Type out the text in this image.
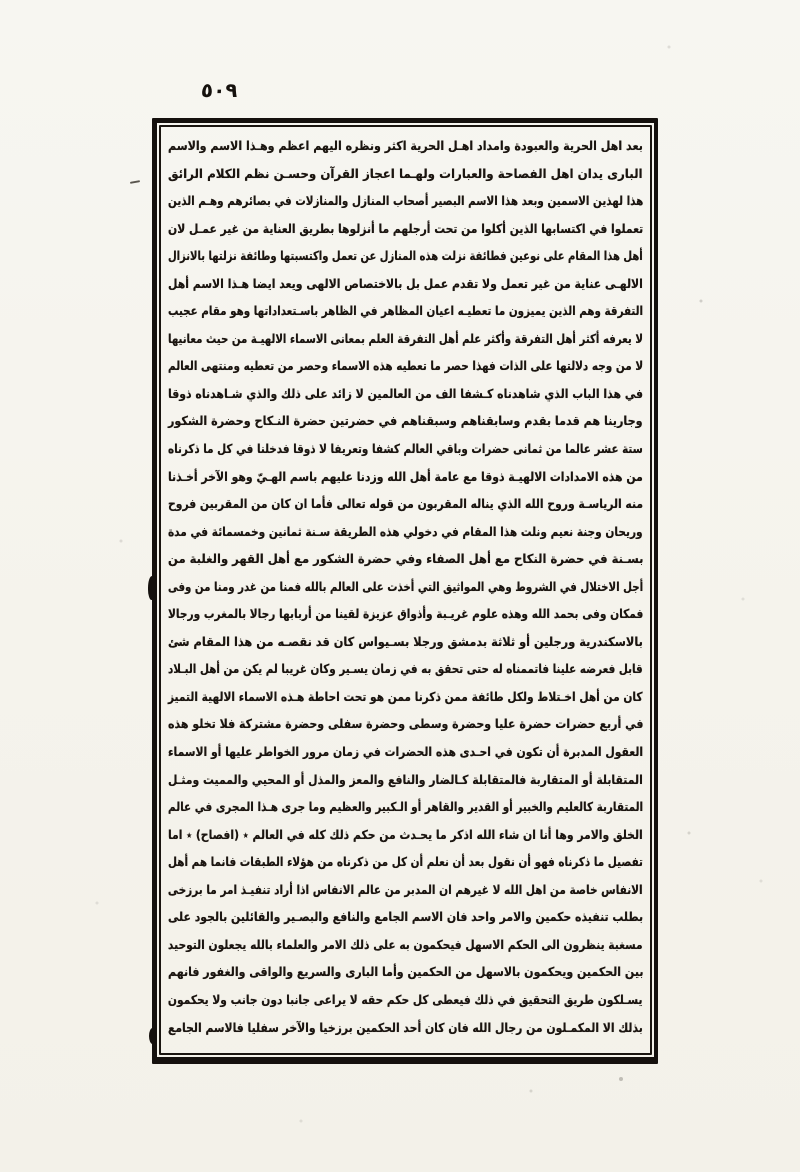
٥٠٩
بعد اهل الحرية والعبودة وامداد اهـل الحرية اكثر ونظره اليهم اعظم وهـذا الاسم والاسم
البارى يدان اهل الفصاحة والعبارات ولهـما اعجاز القرآن وحسـن نظم الكلام الرائق
هذا لهذين الاسمين وبعد هذا الاسم البصير أصحاب المنازل والمنازلات في بصائرهم وهـم الذين
تعملوا في اكتسابها الذين أكلوا من تحت أرجلهم ما أنزلوها بطريق العناية من غير عمـل لان
أهل هذا المقام على نوعين فطائفة نزلت هذه المنازل عن تعمل واكتسبتها وطائفة نزلتها بالانزال
الالهـى عناية من غير تعمل ولا تقدم عمل بل بالاختصاص الالهى ويعد ايضا هـذا الاسم أهل
التفرقة وهم الذين يميزون ما تعطيـه اعيان المظاهر في الظاهر باسـتعداداتها وهو مقام عجيب
لا يعرفه أكثر أهل التفرقة وأكثر علم أهل التفرقة العلم بمعانى الاسماء الالهيـة من حيث معانيها
لا من وجه دلالتها على الذات فهذا حصر ما تعطيه هذه الاسماء وحصر من تعطيه ومنتهى العالم
في هذا الباب الذي شاهدناه كـشفا الف من العالمين لا زائد على ذلك والذي شـاهدناه ذوقا
وجارينا هم قدما بقدم وسابقناهم وسبقناهم في حضرتين حضرة النـكاح وحضرة الشكور
ستة عشر عالما من ثمانى حضرات وباقي العالم كشفا وتعريفا لا ذوقا فدخلنا في كل ما ذكرناه
من هذه الامدادات الالهيـة ذوقا مع عامة أهل الله وزدنا عليهم باسم الهـيّ وهو الآخر أخـذنا
منه الرياسـة وروح الله الذي يناله المقربون من قوله تعالى فأما ان كان من المقربين فروح
وريحان وجنة نعيم ونلت هذا المقام في دخولي هذه الطريقة سـنة ثمانين وخمسمائة في مدة
بسـنة في حضرة النكاح مع أهل الصفاء وفي حضرة الشكور مع أهل القهر والغلبة من
أجل الاختلال في الشروط وهي المواثيق التي أخذت على العالم بالله فمنا من غدر ومنا من وفى
فمكان وفى بحمد الله وهذه علوم غريـبة وأذواق عزيزة لقينا من أربابها رجالا بالمغرب ورجالا
بالاسكندرية ورجلين أو ثلاثة بدمشق ورجلا بسـيواس كان قد نقصـه من هذا المقام شئ
قابل فعرضه علينا فاتممناه له حتى تحقق به في زمان يسـير وكان غريبا لم يكن من أهل البـلاد
كان من أهل اخـتلاط ولكل طائفة ممن ذكرنا ممن هو تحت احاطة هـذه الاسماء الالهية التميز
في أربع حضرات حضرة عليا وحضرة وسطى وحضرة سفلى وحضرة مشتركة فلا تخلو هذه
العقول المدبرة أن تكون في احـدى هذه الحضرات في زمان مرور الخواطر عليها أو الاسماء
المتقابلة أو المتقاربة فالمتقابلة كـالضار والنافع والمعز والمذل أو المحيي والمميت ومثـل
المتقاربة كالعليم والخبير أو القدير والقاهر أو الـكبير والعظيم وما جرى هـذا المجرى في عالم
الخلق والامر وها أنا ان شاء الله اذكر ما يحـدث من حكم ذلك كله في العالم ٭ (افصاح) ٭ اما
تفصيل ما ذكرناه فهو أن نقول بعد أن نعلم أن كل من ذكرناه من هؤلاء الطبقات فانما هم أهل
الانفاس خاصة من اهل الله لا غيرهم ان المدبر من عالم الانفاس اذا أراد تنفيـذ امر ما برزخى
بطلب تنفيذه حكمين والامر واحد فان الاسم الجامع والنافع والبصـير والقائلين بالجود على
مسغبة ينظرون الى الحكم الاسهل فيحكمون به على ذلك الامر والعلماء بالله يجعلون التوحيد
بين الحكمين ويحكمون بالاسهل من الحكمين وأما البارى والسريع والواقى والغفور فانهم
يسـلكون طريق التحقيق في ذلك فيعطى كل حكم حقه لا يراعى جانبا دون جانب ولا يحكمون
بذلك الا المكمـلون من رجال الله فان كان أحد الحكمين برزخيا والآخر سفليا فالاسم الجامع
